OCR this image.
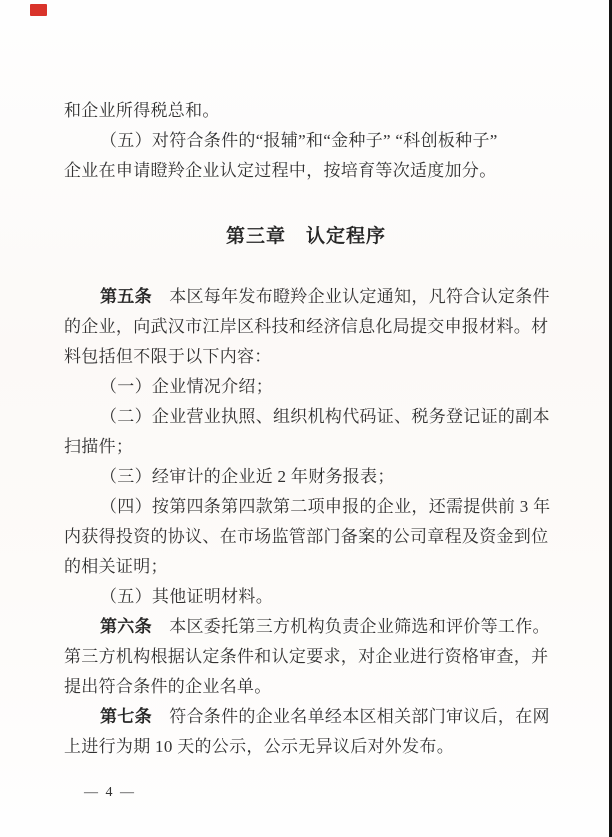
和企业所得税总和。
（五）对符合条件的“报辅”和“金种子” “科创板种子”
企业在申请瞪羚企业认定过程中，按培育等次适度加分。
第三章　认定程序
第五条　本区每年发布瞪羚企业认定通知，凡符合认定条件
的企业，向武汉市江岸区科技和经济信息化局提交申报材料。材
料包括但不限于以下内容：
（一）企业情况介绍；
（二）企业营业执照、组织机构代码证、税务登记证的副本
扫描件；
（三）经审计的企业近 2 年财务报表；
（四）按第四条第四款第二项申报的企业，还需提供前 3 年
内获得投资的协议、在市场监管部门备案的公司章程及资金到位
的相关证明；
（五）其他证明材料。
第六条　本区委托第三方机构负责企业筛选和评价等工作。
第三方机构根据认定条件和认定要求，对企业进行资格审查，并
提出符合条件的企业名单。
第七条　符合条件的企业名单经本区相关部门审议后，在网
上进行为期 10 天的公示，公示无异议后对外发布。
— 4 —
